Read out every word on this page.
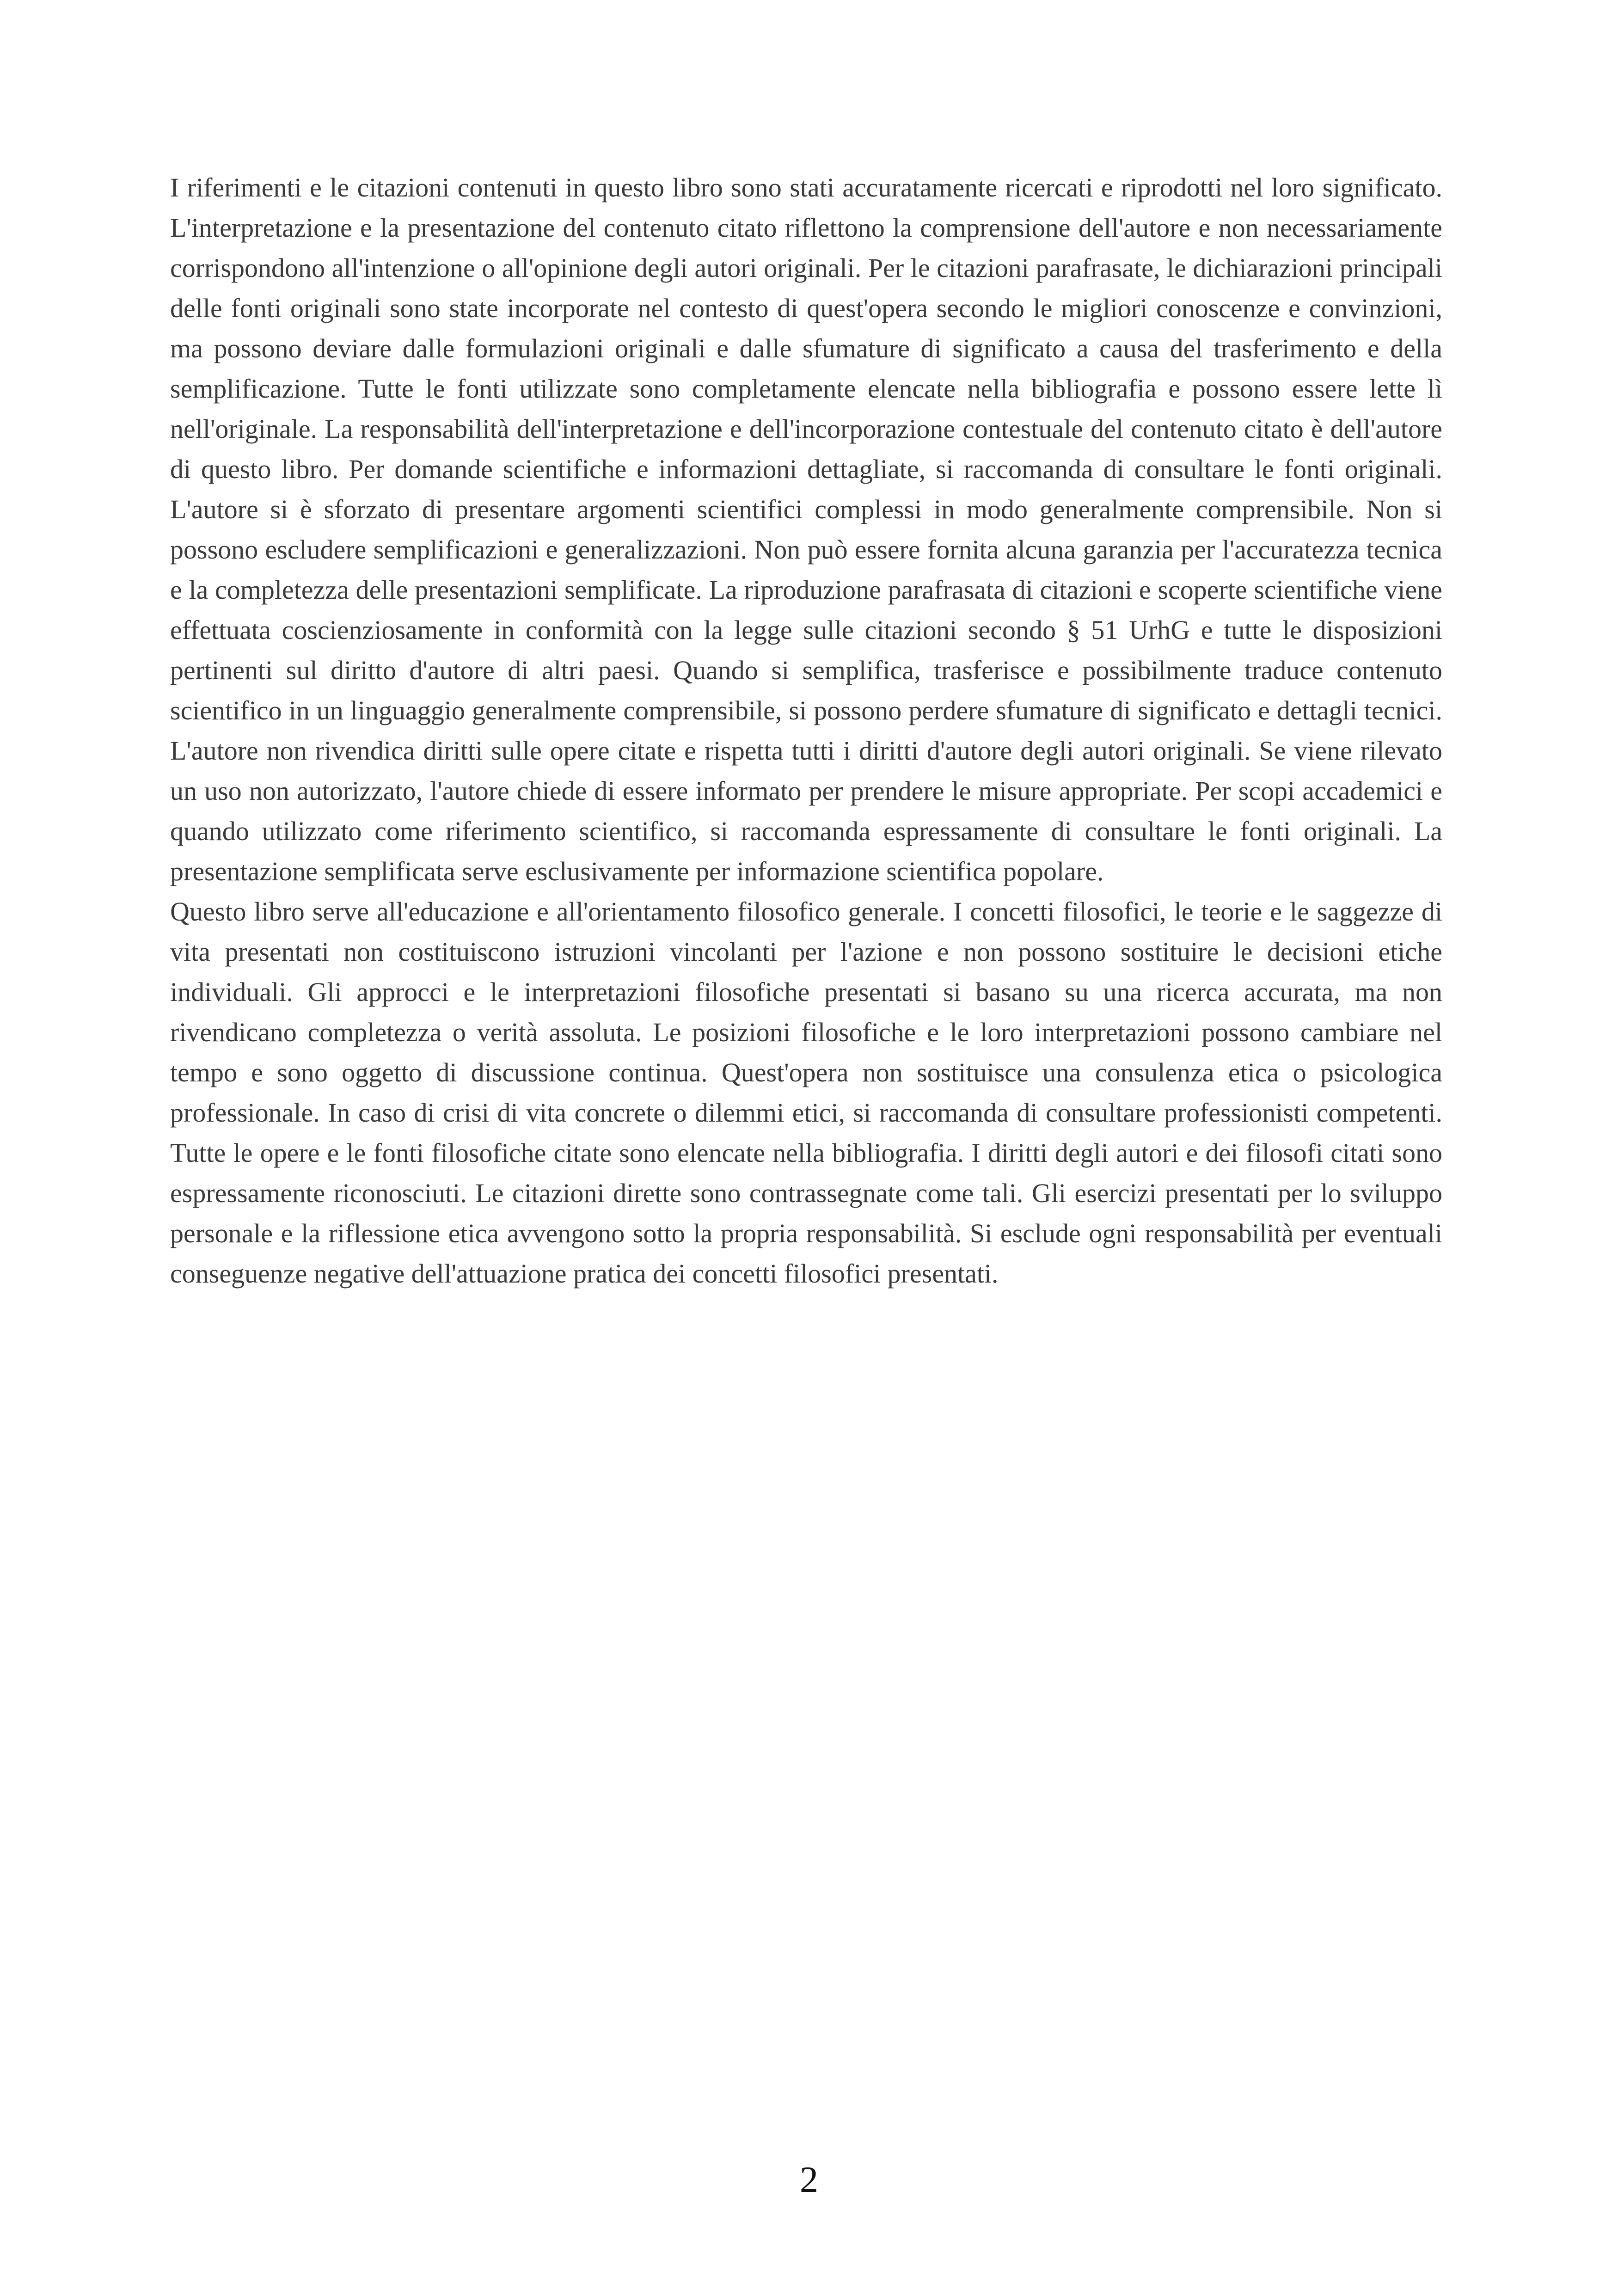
I riferimenti e le citazioni contenuti in questo libro sono stati accuratamente ricercati e riprodotti nel loro significato. L'interpretazione e la presentazione del contenuto citato riflettono la comprensione dell'autore e non necessariamente corrispondono all'intenzione o all'opinione degli autori originali. Per le citazioni parafrasate, le dichiarazioni principali delle fonti originali sono state incorporate nel contesto di quest'opera secondo le migliori conoscenze e convinzioni, ma possono deviare dalle formulazioni originali e dalle sfumature di significato a causa del trasferimento e della semplificazione. Tutte le fonti utilizzate sono completamente elencate nella bibliografia e possono essere lette lì nell'originale. La responsabilità dell'interpretazione e dell'incorporazione contestuale del contenuto citato è dell'autore di questo libro. Per domande scientifiche e informazioni dettagliate, si raccomanda di consultare le fonti originali. L'autore si è sforzato di presentare argomenti scientifici complessi in modo generalmente comprensibile. Non si possono escludere semplificazioni e generalizzazioni. Non può essere fornita alcuna garanzia per l'accuratezza tecnica e la completezza delle presentazioni semplificate. La riproduzione parafrasata di citazioni e scoperte scientifiche viene effettuata coscienziosamente in conformità con la legge sulle citazioni secondo § 51 UrhG e tutte le disposizioni pertinenti sul diritto d'autore di altri paesi. Quando si semplifica, trasferisce e possibilmente traduce contenuto scientifico in un linguaggio generalmente comprensibile, si possono perdere sfumature di significato e dettagli tecnici. L'autore non rivendica diritti sulle opere citate e rispetta tutti i diritti d'autore degli autori originali. Se viene rilevato un uso non autorizzato, l'autore chiede di essere informato per prendere le misure appropriate. Per scopi accademici e quando utilizzato come riferimento scientifico, si raccomanda espressamente di consultare le fonti originali. La presentazione semplificata serve esclusivamente per informazione scientifica popolare.

Questo libro serve all'educazione e all'orientamento filosofico generale. I concetti filosofici, le teorie e le saggezze di vita presentati non costituiscono istruzioni vincolanti per l'azione e non possono sostituire le decisioni etiche individuali. Gli approcci e le interpretazioni filosofiche presentati si basano su una ricerca accurata, ma non rivendicano completezza o verità assoluta. Le posizioni filosofiche e le loro interpretazioni possono cambiare nel tempo e sono oggetto di discussione continua. Quest'opera non sostituisce una consulenza etica o psicologica professionale. In caso di crisi di vita concrete o dilemmi etici, si raccomanda di consultare professionisti competenti. Tutte le opere e le fonti filosofiche citate sono elencate nella bibliografia. I diritti degli autori e dei filosofi citati sono espressamente riconosciuti. Le citazioni dirette sono contrassegnate come tali. Gli esercizi presentati per lo sviluppo personale e la riflessione etica avvengono sotto la propria responsabilità. Si esclude ogni responsabilità per eventuali conseguenze negative dell'attuazione pratica dei concetti filosofici presentati.

2
